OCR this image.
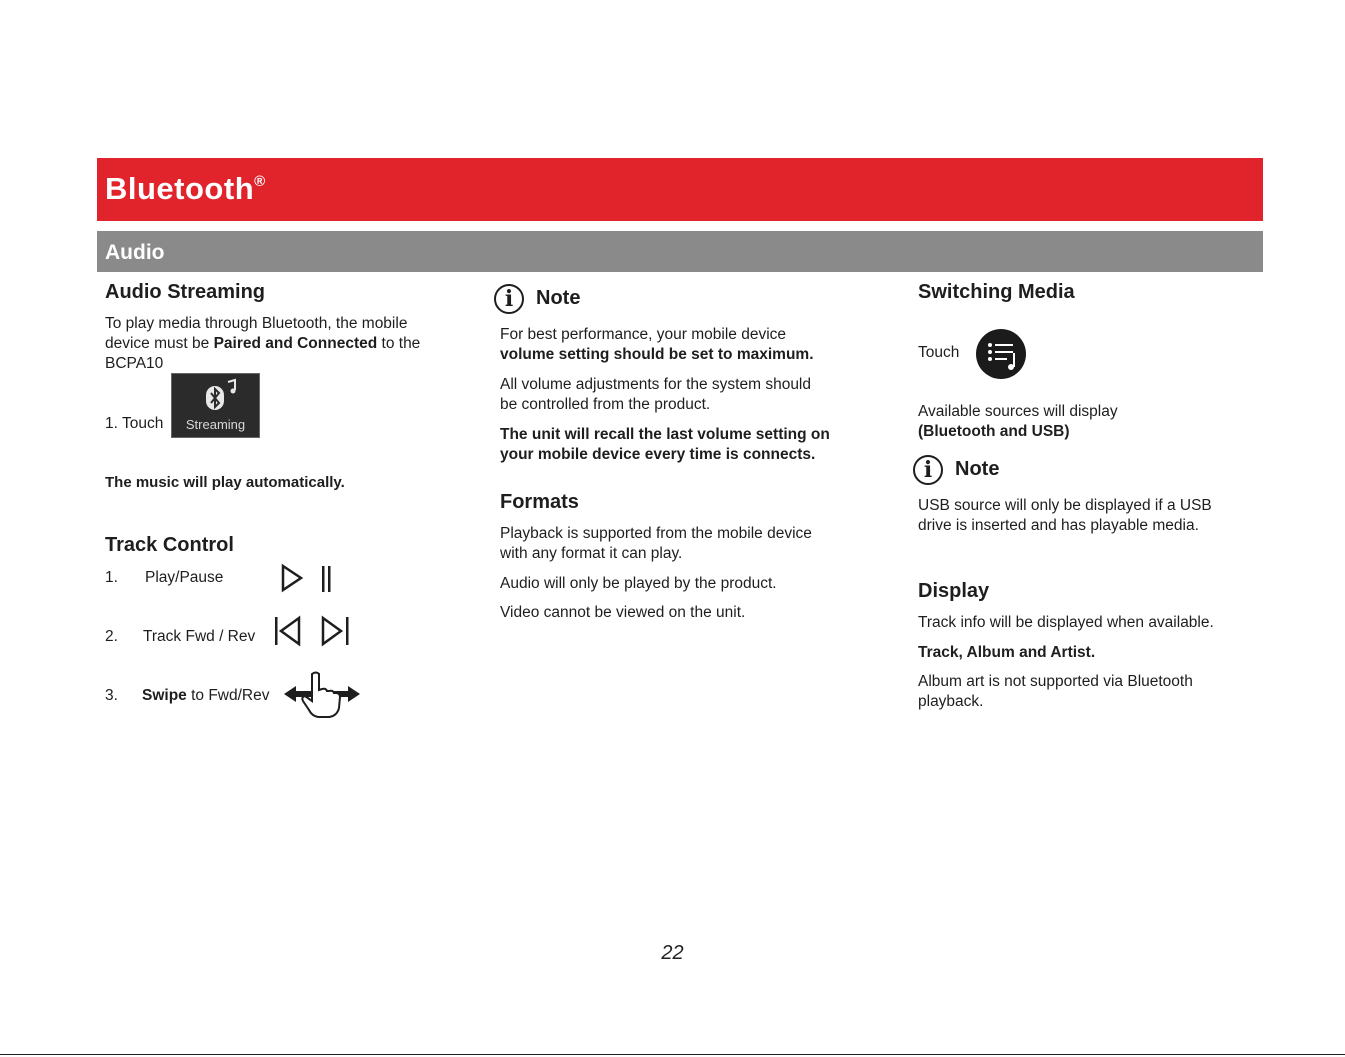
Bluetooth®
Audio
Audio Streaming

To play media through Bluetooth, the mobile
device must be Paired and Connected to the
BCPA10

1. Touch	Streaming

The music will play automatically.

Track Control
1. Play/Pause
2. Track Fwd / Rev
3. Swipe to Fwd/Rev
i	Note

For best performance, your mobile device
volume setting should be set to maximum.

All volume adjustments for the system should
be controlled from the product.

The unit will recall the last volume setting on
your mobile device every time is connects.

Formats

Playback is supported from the mobile device
with any format it can play.

Audio will only be played by the product.

Video cannot be viewed on the unit.

Switching Media
Touch

Available sources will display
(Bluetooth and USB)

i	Note

USB source will only be displayed if a USB
drive is inserted and has playable media.

Display

Track info will be displayed when available.

Track, Album and Artist.

Album art is not supported via Bluetooth
playback.

22
